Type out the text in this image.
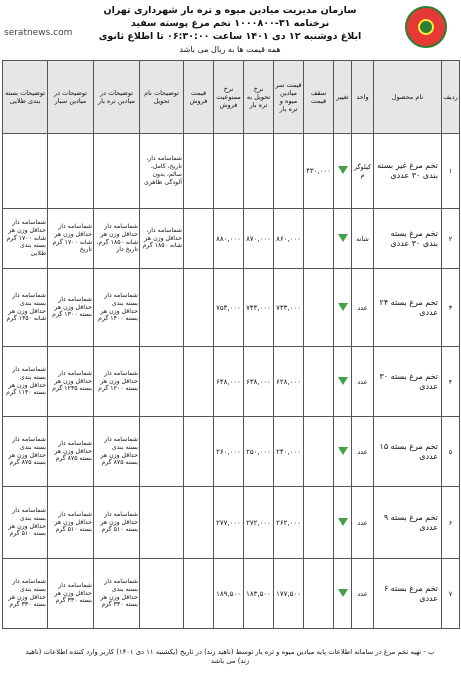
seratnews.com
سازمان مدیریت میادین میوه و تره بار شهرداری تهران
نرخنامه ۳۱-۱۰۰۰۸۰۰ تخم مرغ پوسته سفید
ابلاغ دوشنبه ۱۲ دی ۱۴۰۱ ساعت ۰۶:۳۰:۰۰ تا اطلاع ثانوی
همه قیمت ها به ریال می باشد
ردیف	نام محصول	واحد	تغییر	سقف قیمت	قیمت سر میادین میوه و تره بار	نرخ تحویل به تره بار	نرخ ممنوعیت فروش	قیمت فروش	توضیحات نام تحویل	توضیحات در میادین تره بار	توضیحات در میادین سیار	توضیحات بسته بندی طلایی
۱	تخم مرغ غیر بسته بندی ۳۰ عددی	کیلوگرم		۴۳۰,۰۰۰					شماسامه دار، تاریخ، کامل، سالم، بدون آلودگی ظاهری			
۲	تخم مرغ بسته بندی ۳۰ عددی	شانه			۸۶۰,۰۰۰	۸۷۰,۰۰۰	۸۸۰,۰۰۰		شماسامه دار، حداقل وزن هر شانه ۱۸۵۰ گرم	شماسامه دار حداقل وزن هر شانه ۱۸۵۰ گرم، تاریخ دار	شماسامه دار حداقل وزن هر شانه ۱۷۰۰ گرم تاریخ	شماسامه دار حداقل وزن هر شانه ۱۷۰۰ گرم بسته بندی طلایی
۳	تخم مرغ بسته ۲۴ عددی	عدد			۷۳۳,۰۰۰	۷۴۳,۰۰۰	۷۵۳,۰۰۰			شماسامه دار بسته بندی حداقل وزن هر بسته ۱۴۰۰ گرم	شماسامه دار حداقل وزن هر بسته ۱۳۰۰ گرم	شماسامه دار بسته بندی حداقل وزن هر شانه ۱۳۵۰ گرم
۴	تخم مرغ بسته ۳۰ عددی	عدد			۶۲۸,۰۰۰	۶۳۸,۰۰۰	۶۴۸,۰۰۰			شماسامه دار حداقل وزن هر بسته ۱۲۰۰ گرم	شماسامه دار حداقل وزن هر بسته ۱۲۳۵ گرم	شماسامه دار بسته بندی حداقل وزن هر بسته ۱۱۴۰ گرم
۵	تخم مرغ بسته ۱۵ عددی	عدد			۲۴۰,۰۰۰	۲۵۰,۰۰۰	۲۶۰,۰۰۰			شماسامه دار بسته بندی حداقل وزن هر بسته ۸۷۵ گرم	شماسامه دار حداقل وزن هر بسته ۸۷۵ گرم	شماسامه دار بسته بندی حداقل وزن هر بسته ۸۷۵ گرم
۶	تخم مرغ بسته ۹ عددی	عدد			۲۶۲,۰۰۰	۲۷۲,۰۰۰	۲۷۷,۰۰۰			شماسامه دار حداقل وزن هر بسته ۵۱۰ گرم	شماسامه دار حداقل وزن هر بسته ۵۱۰ گرم	شماسامه دار بسته بندی حداقل وزن هر بسته ۵۱۰ گرم
۷	تخم مرغ بسته ۶ عددی	عدد			۱۷۷,۵۰۰	۱۸۳,۵۰۰	۱۸۹,۵۰۰			شماسامه دار بسته بندی حداقل وزن هر بسته ۳۳۰ گرم	شماسامه دار حداقل وزن هر بسته ۳۳۰ گرم	شماسامه دار بسته بندی حداقل وزن هر بسته ۳۳۰ گرم
ب - تهیه تخم مرغ در سامانه اطلاعات پایه میادین میوه و تره بار توسط (ناهید زند) در تاریخ (یکشنبه ۱۱ دی ۱۴۰۱) کاربر وارد کننده اطلاعات (ناهید زند) می باشد
